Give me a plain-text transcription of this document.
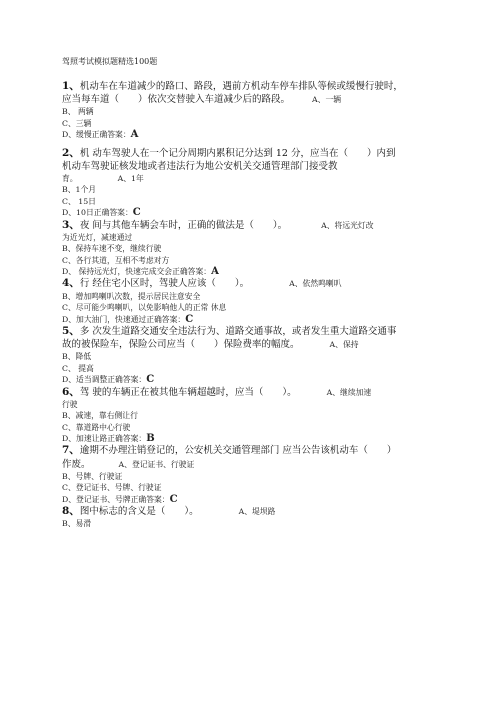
驾照考试模拟题精选100题

1、机动车在车道减少的路口、路段，遇前方机动车停车排队等候或缓慢行驶时，

应当每车道（　　）依次交替驶入车道减少后的路段。	A、一辆

B、 两辆

C、三辆

D、缓慢正确答案：A

2、机 动车驾驶人在一个记分周期内累积记分达到 12 分，应当在（　　）内到

机动车驾驶证核发地或者违法行为地公安机关交通管理部门接受教

育。	A、1年

B、1个月

C、 15日

D、10日正确答案：C

3、夜 间与其他车辆会车时，正确的做法是（　　）。	A、将远光灯改

为近光灯，减速通过

B、保持车速不变，继续行驶

C、各行其道，互相不考虑对方

D、 保持远光灯，快速完成交会正确答案：A

4、行 经住宅小区时，驾驶人应该（　　）。	A、依然鸣喇叭

B、增加鸣喇叭次数，提示居民注意安全

C、尽可能少鸣喇叭，以免影响他人的正常 休息

D、加大油门，快速通过正确答案：C

5、多 次发生道路交通安全违法行为、道路交通事故，或者发生重大道路交通事

故的被保险车，保险公司应当（　　）保险费率的幅度。	A、保持

B、降低

C、 提高

D、适当调整正确答案：C

6、驾 驶的车辆正在被其他车辆超越时，应当（　　）。	A、继续加速

行驶

B、减速，靠右侧让行

C、靠道路中心行驶

D、加速让路正确答案：B

7、逾期不办理注销登记的，公安机关交通管理部门 应当公告该机动车（　　）

作废。	A、登记证书、行驶证

B、号牌、行驶证

C、登记证书、号牌、行驶证

D、登记证书、号牌正确答案：C

8、图中标志的含义是（　　）。	A、堤坝路

B、易滑
